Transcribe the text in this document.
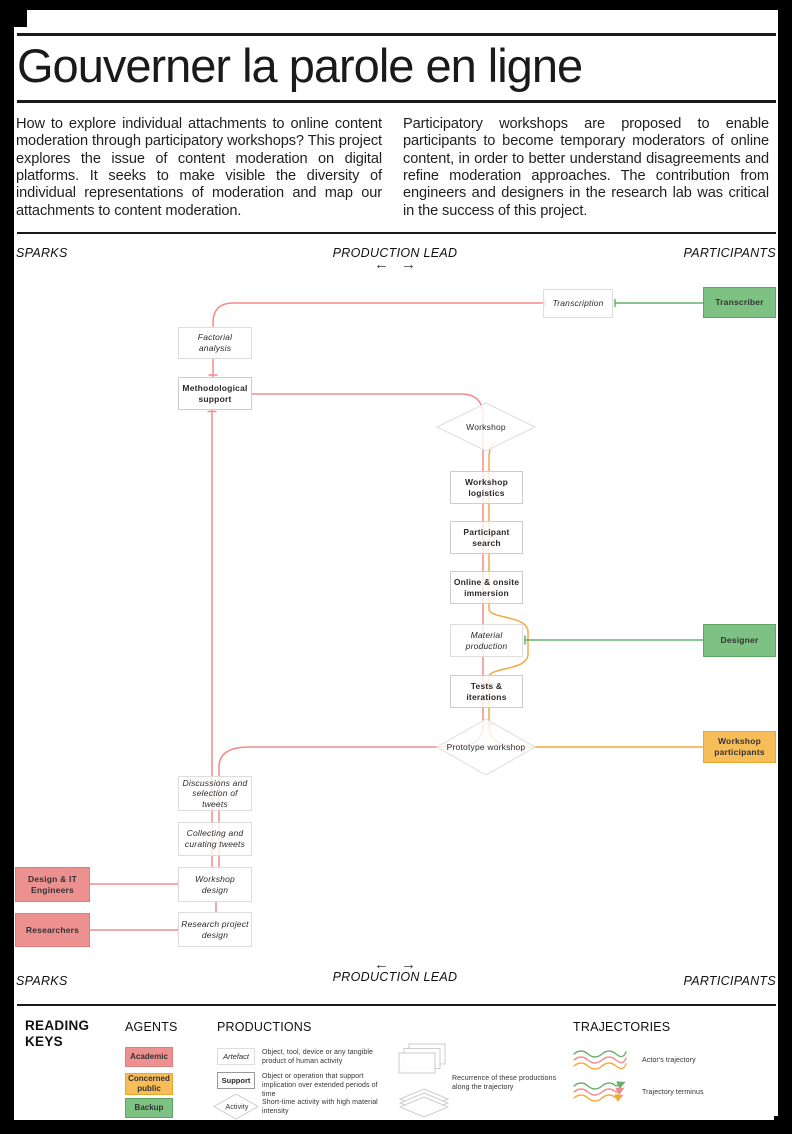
Gouverner la parole en ligne

How to explore individual attachments to online content moderation through participatory workshops? This project explores the issue of content moderation on digital platforms. It seeks to make visible the diversity of individual representations of moderation and map our attachments to content moderation.

Participatory workshops are proposed to enable participants to become temporary moderators of online content, in order to better understand disagreements and refine moderation approaches. The contribution from engineers and designers in the research lab was critical in the success of this project.

SPARKS	PRODUCTION LEAD
← →
PARTICIPANTS
Workshop
Prototype workshop
Transcription
Factorial analysis
Methodological support
Workshop logistics
Participant search
Online & onsite immersion
Material production
Tests & iterations
Discussions and selection of tweets
Collecting and curating tweets
Workshop design
Research project design
Transcriber
Designer
Workshop participants
Design & IT Engineers
Researchers
SPARKS
← →
PRODUCTION LEAD	PARTICIPANTS
READING KEYS
AGENTS
Academic
Concerned public
Backup
PRODUCTIONS
Artefact Object, tool, device or any tangible product of human activity
Support Object or operation that support implication over extended periods of time
Activity
Short-time activity with high material intensity
Recurrence of these productions along the trajectory
TRAJECTORIES
Actor's trajectory
Trajectory terminus
